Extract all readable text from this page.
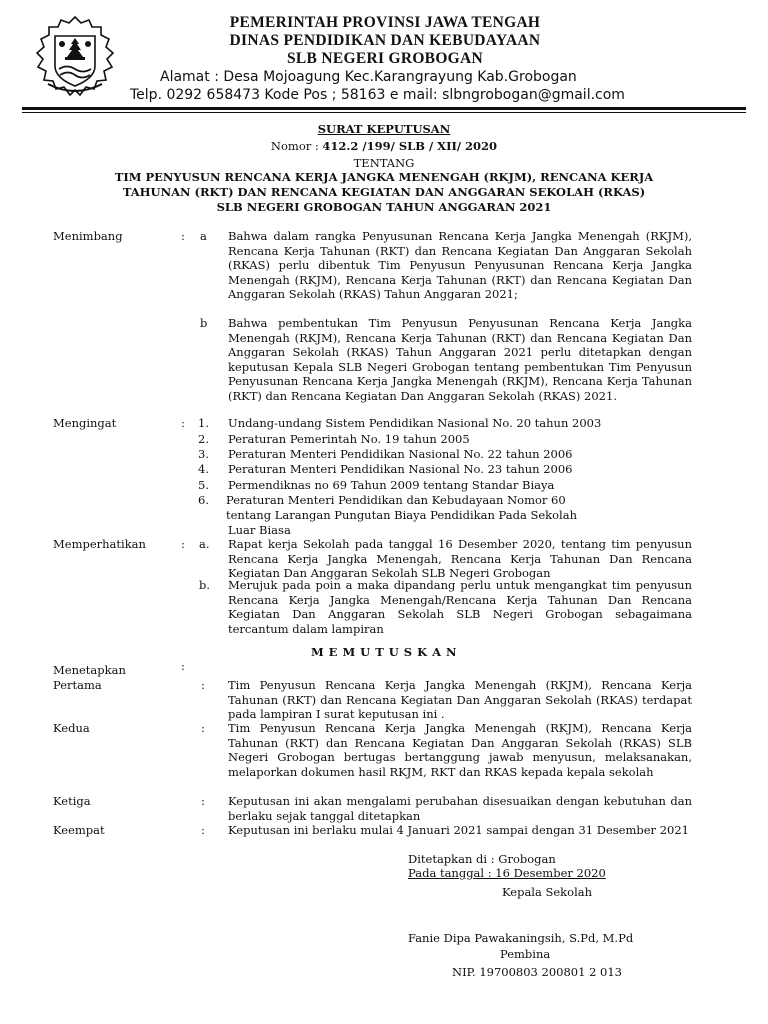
PEMERINTAH PROVINSI JAWA TENGAH
DINAS PENDIDIKAN DAN KEBUDAYAAN
SLB NEGERI GROBOGAN
Alamat : Desa Mojoagung Kec.Karangrayung Kab.Grobogan
Telp. 0292 658473 Kode Pos ; 58163 e mail: slbngrobogan@gmail.com
SURAT KEPUTUSAN
Nomor : 412.2 /199/ SLB / XII/ 2020
TENTANG
TIM PENYUSUN RENCANA KERJA JANGKA MENENGAH (RKJM), RENCANA KERJA
TAHUNAN (RKT) DAN RENCANA KEGIATAN DAN ANGGARAN SEKOLAH (RKAS)
SLB NEGERI GROBOGAN TAHUN ANGGARAN 2021
Menimbang	: a Bahwa dalam rangka Penyusunan Rencana Kerja Jangka Menengah (RKJM), Rencana Kerja Tahunan (RKT) dan Rencana Kegiatan Dan Anggaran Sekolah (RKAS) perlu dibentuk Tim Penyusun Penyusunan Rencana Kerja Jangka Menengah (RKJM), Rencana Kerja Tahunan (RKT) dan Rencana Kegiatan Dan Anggaran Sekolah (RKAS) Tahun Anggaran 2021;
b Bahwa pembentukan Tim Penyusun Penyusunan Rencana Kerja Jangka Menengah (RKJM), Rencana Kerja Tahunan (RKT) dan Rencana Kegiatan Dan Anggaran Sekolah (RKAS) Tahun Anggaran 2021 perlu ditetapkan dengan keputusan Kepala SLB Negeri Grobogan tentang pembentukan Tim Penyusun Penyusunan Rencana Kerja Jangka Menengah (RKJM), Rencana Kerja Tahunan (RKT) dan Rencana Kegiatan Dan Anggaran Sekolah (RKAS) 2021.
Mengingat	: 1. Undang-undang Sistem Pendidikan Nasional No. 20 tahun 2003
2. Peraturan Pemerintah No. 19 tahun 2005
3. Peraturan Menteri Pendidikan Nasional No. 22 tahun 2006
4. Peraturan Menteri Pendidikan Nasional No. 23 tahun 2006
5. Permendiknas no 69 Tahun 2009 tentang Standar Biaya
6. Peraturan Menteri Pendidikan dan Kebudayaan Nomor 60
tentang Larangan Pungutan Biaya Pendidikan Pada Sekolah
Luar Biasa
Memperhatikan	: a. Rapat kerja Sekolah pada tanggal 16 Desember 2020, tentang tim penyusun Rencana Kerja Jangka Menengah, Rencana Kerja Tahunan Dan Rencana Kegiatan Dan Anggaran Sekolah SLB Negeri Grobogan
b. Merujuk pada poin a maka dipandang perlu untuk mengangkat tim penyusun Rencana Kerja Jangka Menengah/Rencana Kerja Tahunan Dan Rencana Kegiatan Dan Anggaran Sekolah SLB Negeri Grobogan sebagaimana tercantum dalam lampiran
M E M U T U S K A N
Menetapkan	:
Pertama	: Tim Penyusun Rencana Kerja Jangka Menengah (RKJM), Rencana Kerja Tahunan (RKT) dan Rencana Kegiatan Dan Anggaran Sekolah (RKAS) terdapat pada lampiran I surat keputusan ini .
Kedua	: Tim Penyusun Rencana Kerja Jangka Menengah (RKJM), Rencana Kerja Tahunan (RKT) dan Rencana Kegiatan Dan Anggaran Sekolah (RKAS) SLB Negeri Grobogan bertugas bertanggung jawab menyusun, melaksanakan, melaporkan dokumen hasil RKJM, RKT dan RKAS kepada kepala sekolah
Ketiga	: Keputusan ini akan mengalami perubahan disesuaikan dengan kebutuhan dan berlaku sejak tanggal ditetapkan
Keempat	: Keputusan ini berlaku mulai 4 Januari 2021 sampai dengan 31 Desember 2021
Ditetapkan di : Grobogan
Pada tanggal : 16 Desember 2020
Kepala Sekolah
Fanie Dipa Pawakaningsih, S.Pd, M.Pd
Pembina
NIP. 19700803 200801 2 013
